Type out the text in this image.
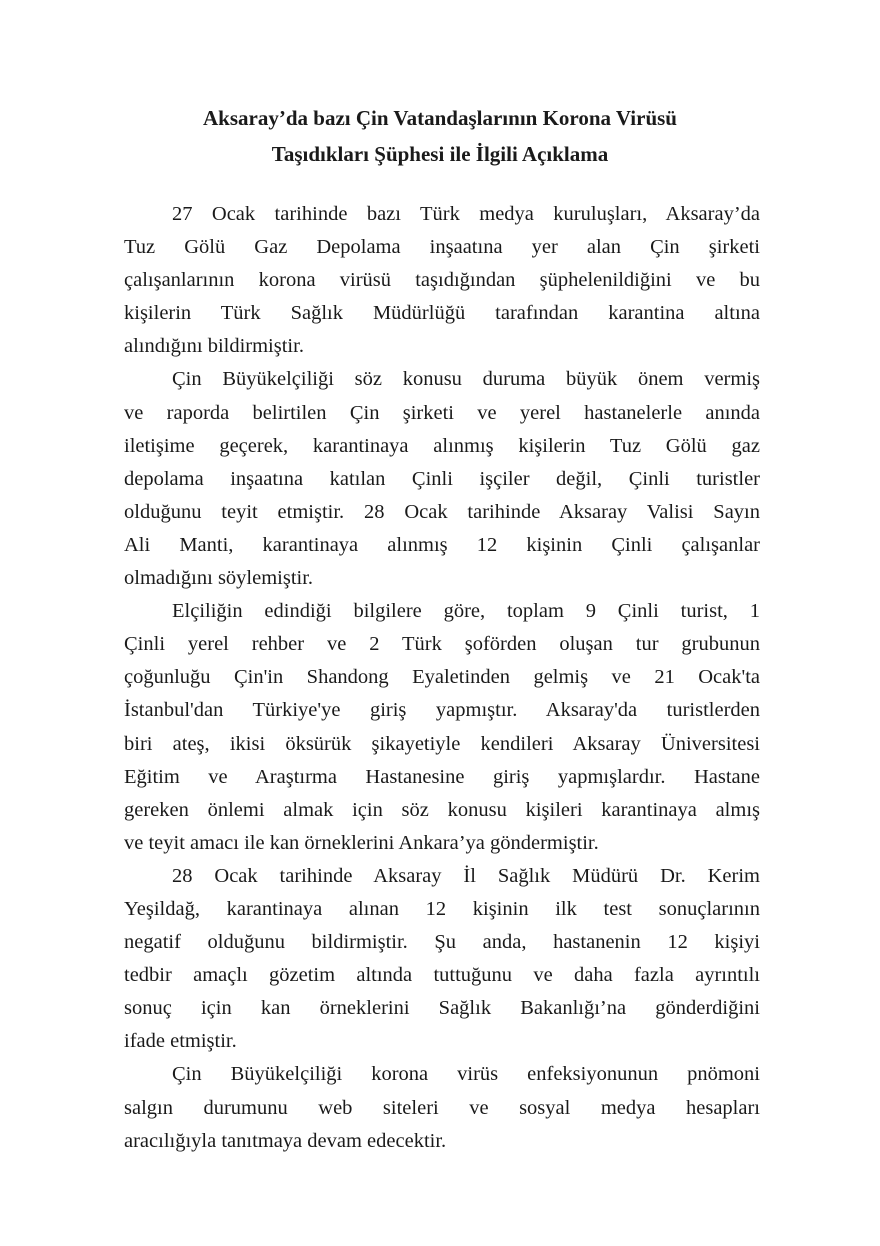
Aksaray’da bazı Çin Vatandaşlarının Korona Virüsü

Taşıdıkları Şüphesi ile İlgili Açıklama

27 Ocak tarihinde bazı Türk medya kuruluşları, Aksaray’da
Tuz Gölü Gaz Depolama inşaatına yer alan Çin şirketi
çalışanlarının korona virüsü taşıdığından şüphelenildiğini ve bu
kişilerin Türk Sağlık Müdürlüğü tarafından karantina altına
alındığını bildirmiştir.

Çin Büyükelçiliği söz konusu duruma büyük önem vermiş
ve raporda belirtilen Çin şirketi ve yerel hastanelerle anında
iletişime geçerek, karantinaya alınmış kişilerin Tuz Gölü gaz
depolama inşaatına katılan Çinli işçiler değil, Çinli turistler
olduğunu teyit etmiştir. 28 Ocak tarihinde Aksaray Valisi Sayın
Ali Manti, karantinaya alınmış 12 kişinin Çinli çalışanlar
olmadığını söylemiştir.

Elçiliğin edindiği bilgilere göre, toplam 9 Çinli turist, 1
Çinli yerel rehber ve 2 Türk şoförden oluşan tur grubunun
çoğunluğu Çin'in Shandong Eyaletinden gelmiş ve 21 Ocak'ta
İstanbul'dan Türkiye'ye giriş yapmıştır. Aksaray'da turistlerden
biri ateş, ikisi öksürük şikayetiyle kendileri Aksaray Üniversitesi
Eğitim ve Araştırma Hastanesine giriş yapmışlardır. Hastane
gereken önlemi almak için söz konusu kişileri karantinaya almış
ve teyit amacı ile kan örneklerini Ankara’ya göndermiştir.

28 Ocak tarihinde Aksaray İl Sağlık Müdürü Dr. Kerim
Yeşildağ, karantinaya alınan 12 kişinin ilk test sonuçlarının
negatif olduğunu bildirmiştir. Şu anda, hastanenin 12 kişiyi
tedbir amaçlı gözetim altında tuttuğunu ve daha fazla ayrıntılı
sonuç için kan örneklerini Sağlık Bakanlığı’na gönderdiğini
ifade etmiştir.

Çin Büyükelçiliği korona virüs enfeksiyonunun pnömoni
salgın durumunu web siteleri ve sosyal medya hesapları
aracılığıyla tanıtmaya devam edecektir.
